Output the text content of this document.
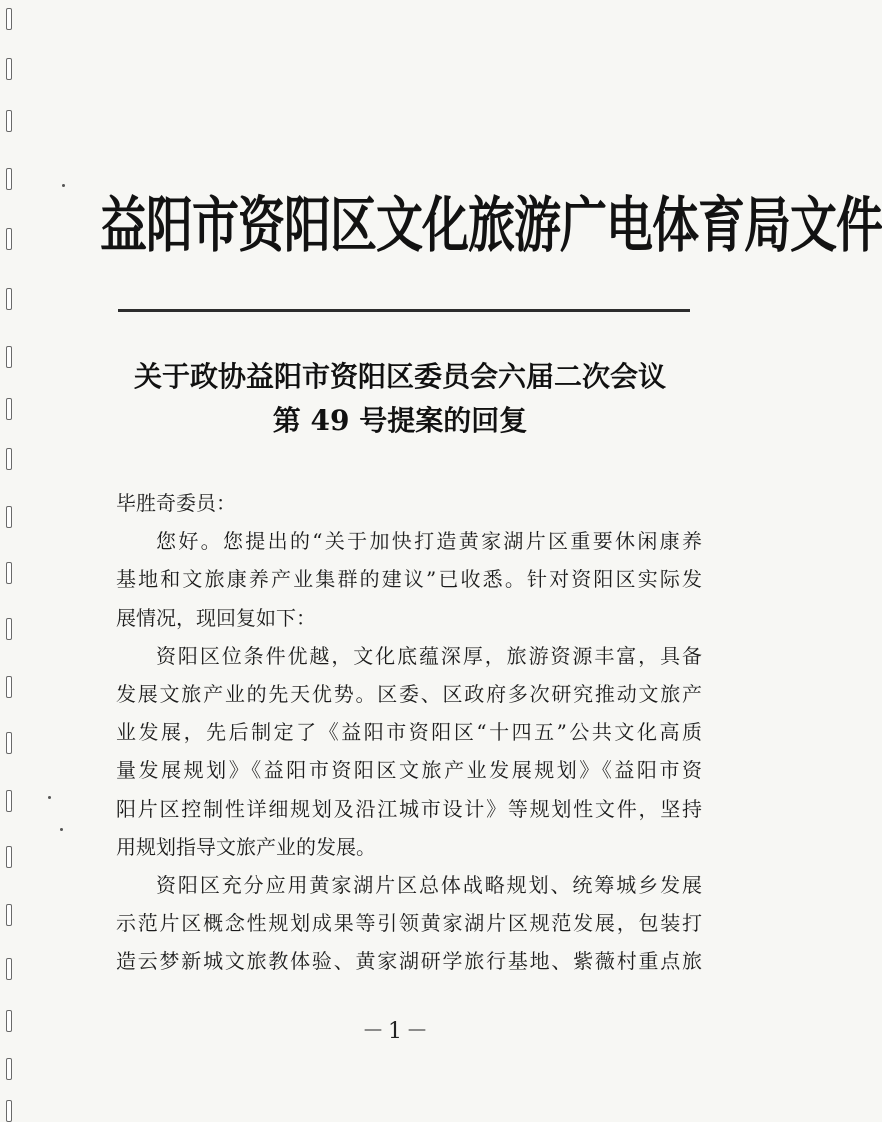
益阳市资阳区文化旅游广电体育局文件
关于政协益阳市资阳区委员会六届二次会议
第 49 号提案的回复
毕胜奇委员：
您好。您提出的“关于加快打造黄家湖片区重要休闲康养
基地和文旅康养产业集群的建议”已收悉。针对资阳区实际发
展情况，现回复如下：
资阳区位条件优越，文化底蕴深厚，旅游资源丰富，具备
发展文旅产业的先天优势。区委、区政府多次研究推动文旅产
业发展，先后制定了《益阳市资阳区“十四五”公共文化高质
量发展规划》《益阳市资阳区文旅产业发展规划》《益阳市资
阳片区控制性详细规划及沿江城市设计》等规划性文件，坚持
用规划指导文旅产业的发展。
资阳区充分应用黄家湖片区总体战略规划、统筹城乡发展
示范片区概念性规划成果等引领黄家湖片区规范发展，包装打
造云梦新城文旅教体验、黄家湖研学旅行基地、紫薇村重点旅
－1－
